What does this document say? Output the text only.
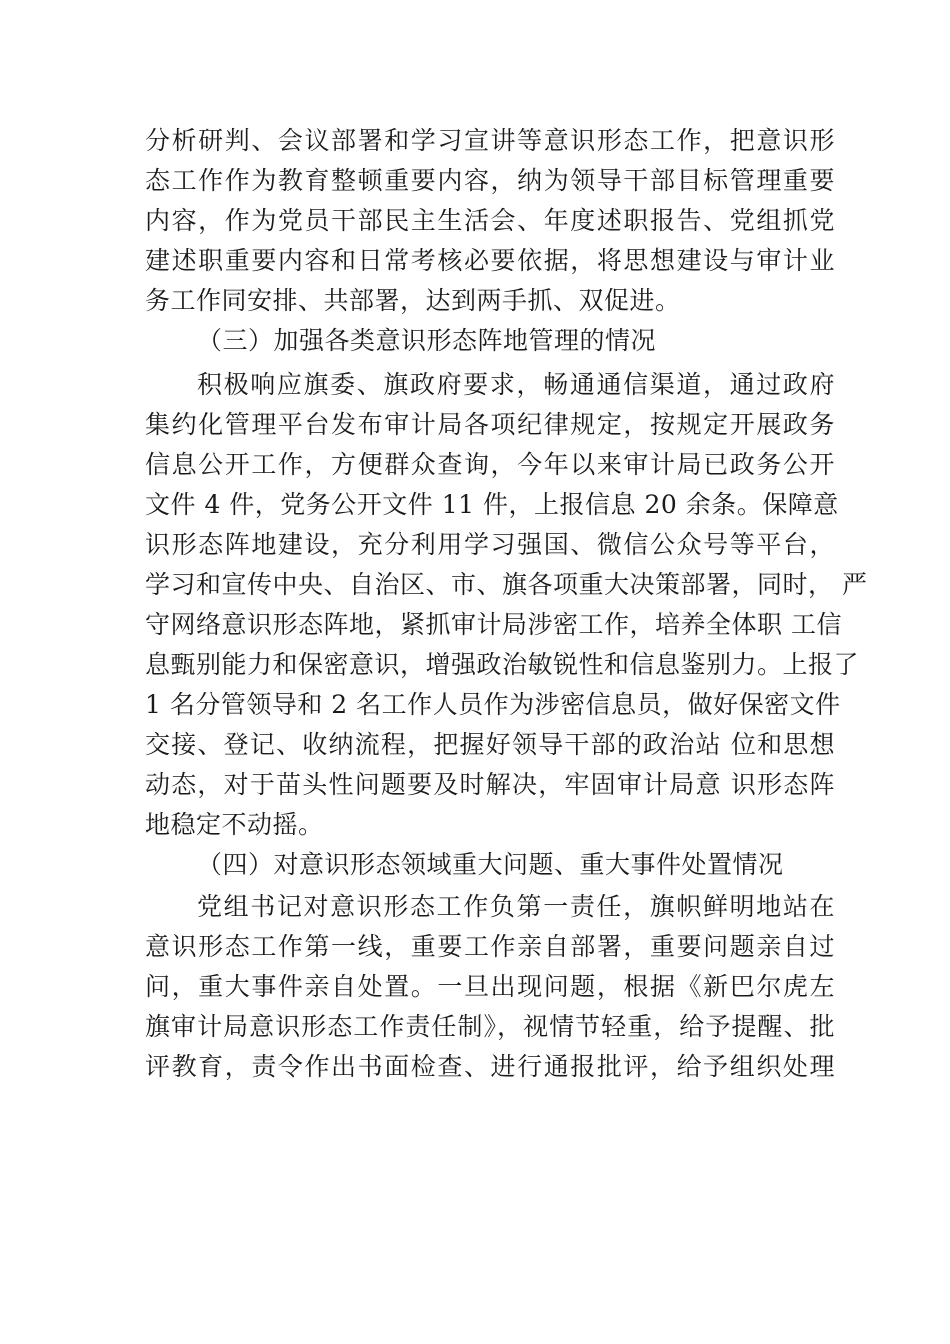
分析研判、会议部署和学习宣讲等意识形态工作，把意识形
态工作作为教育整顿重要内容，纳为领导干部目标管理重要
内容，作为党员干部民主生活会、年度述职报告、党组抓党
建述职重要内容和日常考核必要依据，将思想建设与审计业
务工作同安排、共部署，达到两手抓、双促进。
（三）加强各类意识形态阵地管理的情况
积极响应旗委、旗政府要求，畅通通信渠道，通过政府
集约化管理平台发布审计局各项纪律规定，按规定开展政务
信息公开工作，方便群众查询，今年以来审计局已政务公开
文件 4 件，党务公开文件 11 件，上报信息 20 余条。保障意
识形态阵地建设，充分利用学习强国、微信公众号等平台，
学习和宣传中央、自治区、市、旗各项重大决策部署，同时， 严
守网络意识形态阵地，紧抓审计局涉密工作，培养全体职 工信
息甄别能力和保密意识，增强政治敏锐性和信息鉴别力。上报了
1 名分管领导和 2 名工作人员作为涉密信息员，做好保密文件
交接、登记、收纳流程，把握好领导干部的政治站 位和思想
动态，对于苗头性问题要及时解决，牢固审计局意 识形态阵
地稳定不动摇。
（四）对意识形态领域重大问题、重大事件处置情况
党组书记对意识形态工作负第一责任，旗帜鲜明地站在
意识形态工作第一线，重要工作亲自部署，重要问题亲自过
问，重大事件亲自处置。一旦出现问题，根据《新巴尔虎左
旗审计局意识形态工作责任制》，视情节轻重，给予提醒、批
评教育，责令作出书面检查、进行通报批评，给予组织处理
